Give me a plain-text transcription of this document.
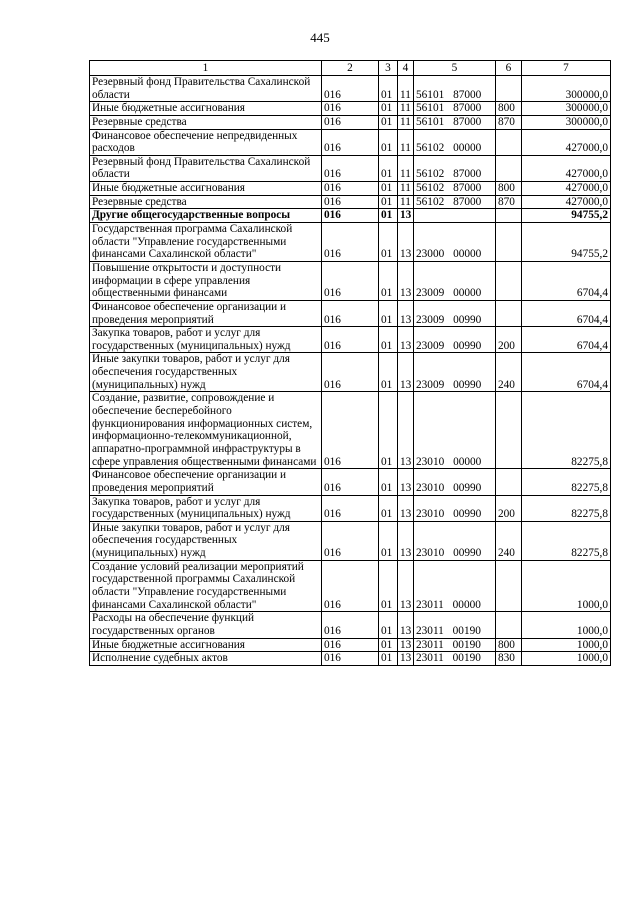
445
1	2	3	4	5	6	7
Резервный фонд Правительства Сахалинской области	016	01	11	56101 87000		300000,0
Иные бюджетные ассигнования	016	01	11	56101 87000	800	300000,0
Резервные средства	016	01	11	56101 87000	870	300000,0
Финансовое обеспечение непредвиденных расходов	016	01	11	56102 00000		427000,0
Резервный фонд Правительства Сахалинской области	016	01	11	56102 87000		427000,0
Иные бюджетные ассигнования	016	01	11	56102 87000	800	427000,0
Резервные средства	016	01	11	56102 87000	870	427000,0
Другие общегосударственные вопросы	016	01	13			94755,2
Государственная программа Сахалинской области "Управление государственными финансами Сахалинской области"	016	01	13	23000 00000		94755,2
Повышение открытости и доступности информации в сфере управления общественными финансами	016	01	13	23009 00000		6704,4
Финансовое обеспечение организации и проведения мероприятий	016	01	13	23009 00990		6704,4
Закупка товаров, работ и услуг для государственных (муниципальных) нужд	016	01	13	23009 00990	200	6704,4
Иные закупки товаров, работ и услуг для обеспечения государственных (муниципальных) нужд	016	01	13	23009 00990	240	6704,4
Создание, развитие, сопровождение и обеспечение бесперебойного функционирования информационных систем, информационно-телекоммуникационной, аппаратно-программной инфраструктуры в сфере управления общественными финансами	016	01	13	23010 00000		82275,8
Финансовое обеспечение организации и проведения мероприятий	016	01	13	23010 00990		82275,8
Закупка товаров, работ и услуг для государственных (муниципальных) нужд	016	01	13	23010 00990	200	82275,8
Иные закупки товаров, работ и услуг для обеспечения государственных (муниципальных) нужд	016	01	13	23010 00990	240	82275,8
Создание условий реализации мероприятий государственной программы Сахалинской области "Управление государственными финансами Сахалинской области"	016	01	13	23011 00000		1000,0
Расходы на обеспечение функций государственных органов	016	01	13	23011 00190		1000,0
Иные бюджетные ассигнования	016	01	13	23011 00190	800	1000,0
Исполнение судебных актов	016	01	13	23011 00190	830	1000,0
